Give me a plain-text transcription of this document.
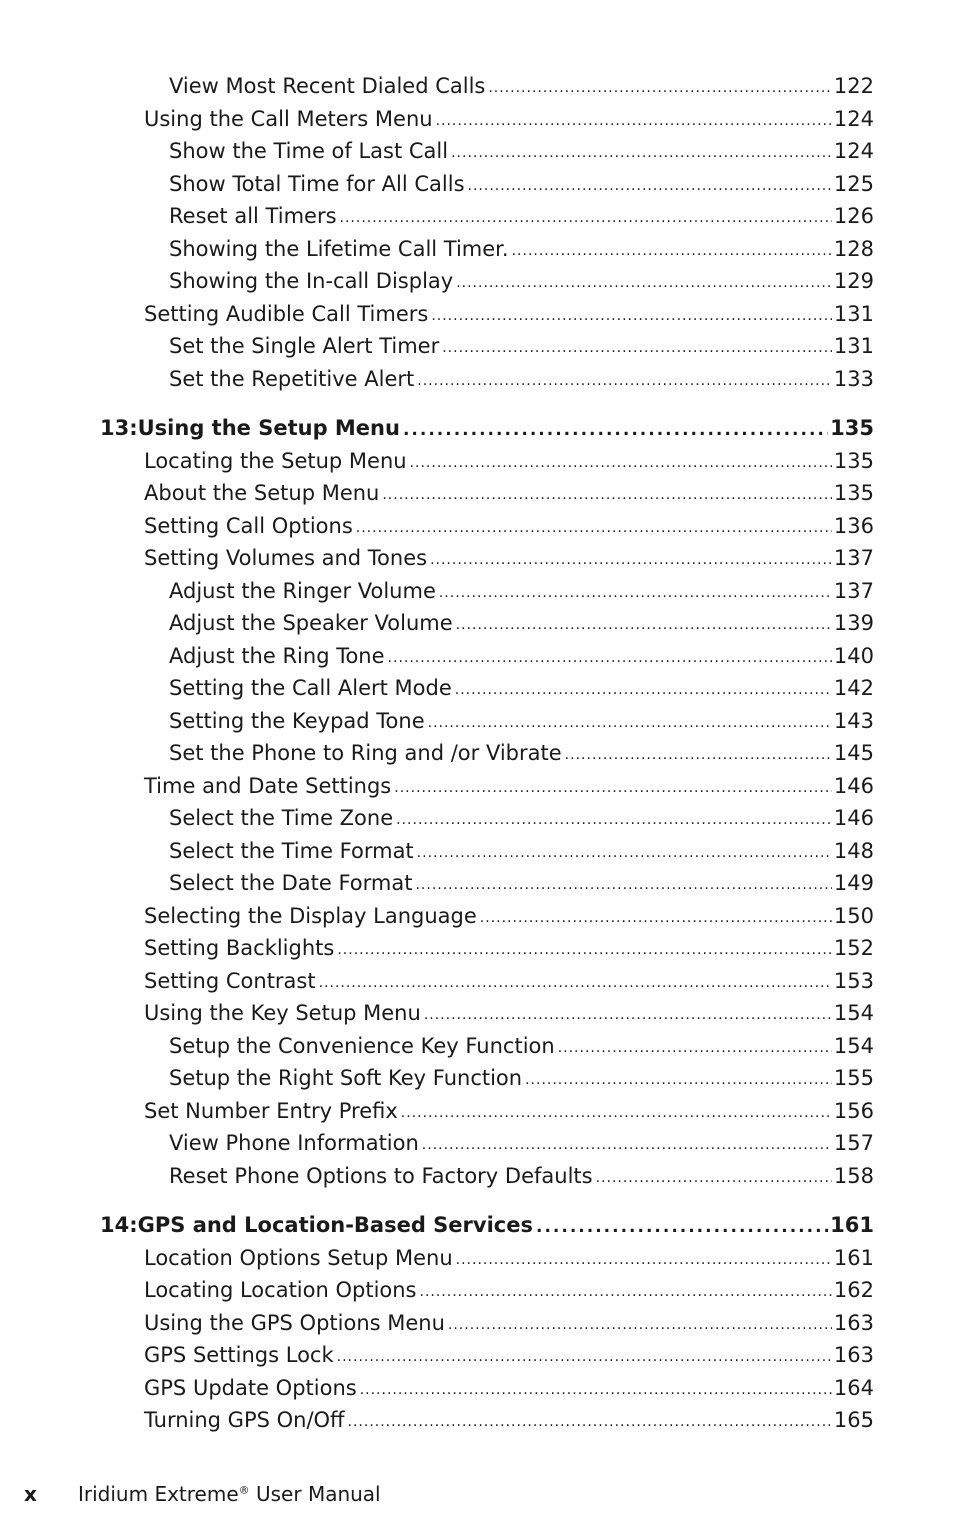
View Most Recent Dialed Calls .....	122
Using the Call Meters Menu .....	124
Show the Time of Last Call .....	124
Show Total Time for All Calls .....	125
Reset all Timers .....	126
Showing the Lifetime Call Timer. .....	128
Showing the In-call Display .....	129
Setting Audible Call Timers .....	131
Set the Single Alert Timer .....	131
Set the Repetitive Alert .....	133
13: Using the Setup Menu .....	135
Locating the Setup Menu .....	135
About the Setup Menu .....	135
Setting Call Options .....	136
Setting Volumes and Tones .....	137
Adjust the Ringer Volume .....	137
Adjust the Speaker Volume .....	139
Adjust the Ring Tone .....	140
Setting the Call Alert Mode .....	142
Setting the Keypad Tone .....	143
Set the Phone to Ring and /or Vibrate .....	145
Time and Date Settings .....	146
Select the Time Zone .....	146
Select the Time Format .....	148
Select the Date Format .....	149
Selecting the Display Language .....	150
Setting Backlights .....	152
Setting Contrast .....	153
Using the Key Setup Menu .....	154
Setup the Convenience Key Function .....	154
Setup the Right Soft Key Function .....	155
Set Number Entry Prefix .....	156
View Phone Information .....	157
Reset Phone Options to Factory Defaults .....	158
14: GPS and Location-Based Services .....	161
Location Options Setup Menu .....	161
Locating Location Options .....	162
Using the GPS Options Menu .....	163
GPS Settings Lock .....	163
GPS Update Options .....	164
Turning GPS On/Off .....	165
x	Iridium Extreme® User Manual
